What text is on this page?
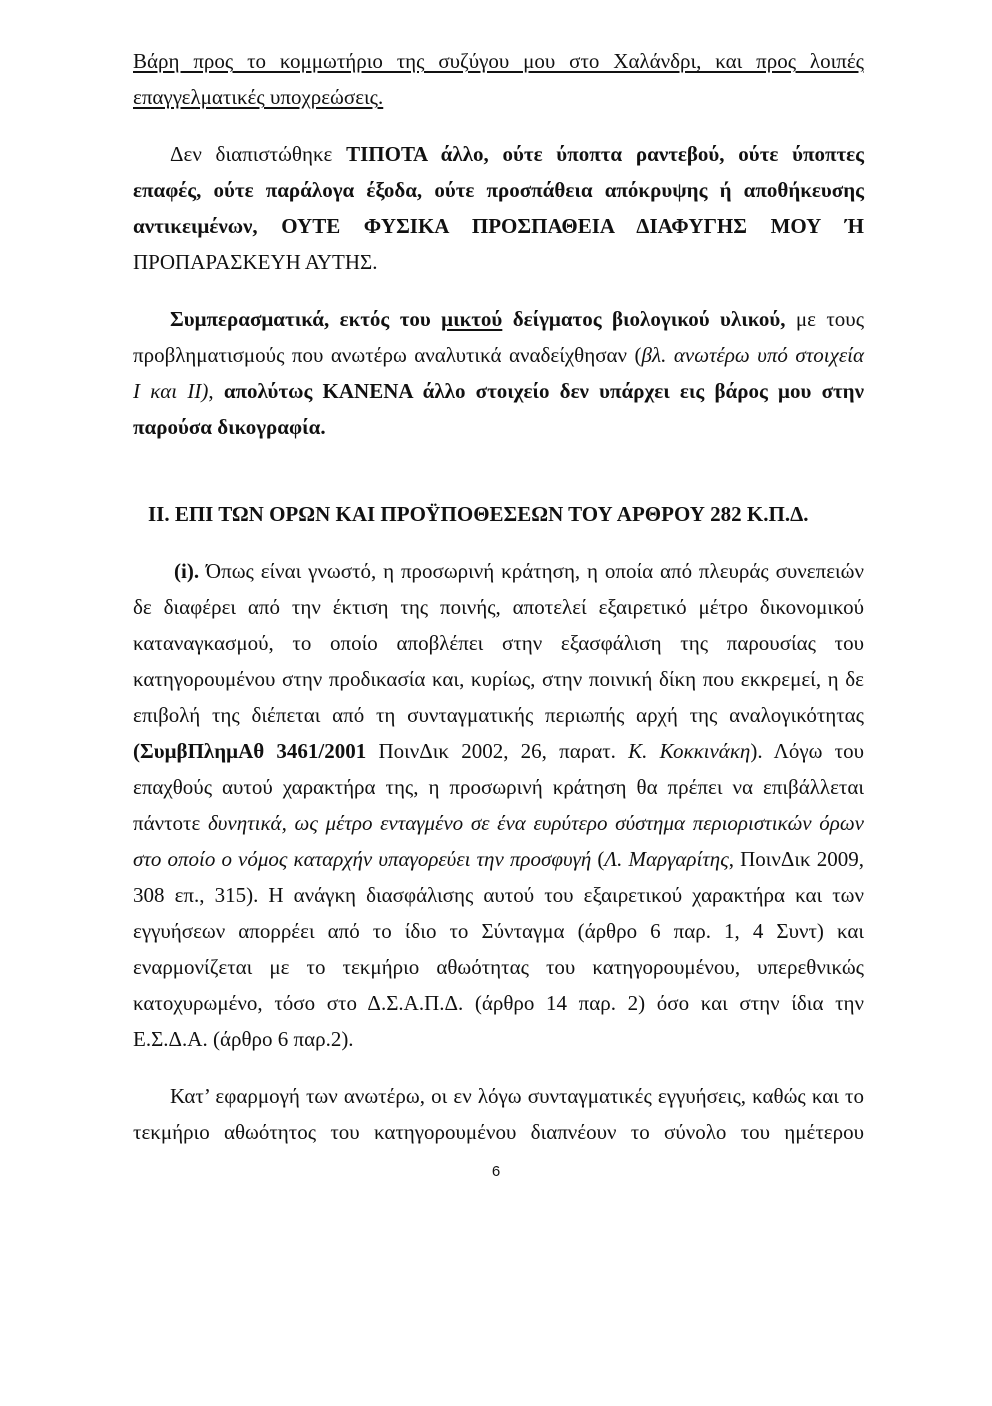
Βάρη προς το κομμωτήριο της συζύγου μου στο Χαλάνδρι, και προς λοιπές
επαγγελματικές υποχρεώσεις.
Δεν διαπιστώθηκε ΤΙΠΟΤΑ άλλο, ούτε ύποπτα ραντεβού, ούτε ύποπτες
επαφές, ούτε παράλογα έξοδα, ούτε προσπάθεια απόκρυψης ή αποθήκευσης
αντικειμένων, ΟΥΤΕ ΦΥΣΙΚΑ ΠΡΟΣΠΑΘΕΙΑ ΔΙΑΦΥΓΗΣ ΜΟΥ Ή
ΠΡΟΠΑΡΑΣΚΕΥΗ ΑΥΤΗΣ.
Συμπερασματικά, εκτός του μικτού δείγματος βιολογικού υλικού, με τους
προβληματισμούς που ανωτέρω αναλυτικά αναδείχθησαν (βλ. ανωτέρω υπό στοιχεία
Ι και ΙΙ), απολύτως ΚΑΝΕΝΑ άλλο στοιχείο δεν υπάρχει εις βάρος μου στην
παρούσα δικογραφία.
ΙΙ. ΕΠΙ ΤΩΝ ΟΡΩΝ ΚΑΙ ΠΡΟΫΠΟΘΕΣΕΩΝ ΤΟΥ ΑΡΘΡΟΥ 282 Κ.Π.Δ.
(i). Όπως είναι γνωστό, η προσωρινή κράτηση, η οποία από πλευράς συνεπειών
δε διαφέρει από την έκτιση της ποινής, αποτελεί εξαιρετικό μέτρο δικονομικού
καταναγκασμού, το οποίο αποβλέπει στην εξασφάλιση της παρουσίας του
κατηγορουμένου στην προδικασία και, κυρίως, στην ποινική δίκη που εκκρεμεί, η δε
επιβολή της διέπεται από τη συνταγματικής περιωπής αρχή της αναλογικότητας
(ΣυμβΠλημΑθ 3461/2001 ΠοινΔικ 2002, 26, παρατ. Κ. Κοκκινάκη). Λόγω του
επαχθούς αυτού χαρακτήρα της, η προσωρινή κράτηση θα πρέπει να επιβάλλεται
πάντοτε δυνητικά, ως μέτρο ενταγμένο σε ένα ευρύτερο σύστημα περιοριστικών όρων
στο οποίο ο νόμος καταρχήν υπαγορεύει την προσφυγή (Λ. Μαργαρίτης, ΠοινΔικ 2009,
308 επ., 315). Η ανάγκη διασφάλισης αυτού του εξαιρετικού χαρακτήρα και των
εγγυήσεων απορρέει από το ίδιο το Σύνταγμα (άρθρο 6 παρ. 1, 4 Συντ) και
εναρμονίζεται με το τεκμήριο αθωότητας του κατηγορουμένου, υπερεθνικώς
κατοχυρωμένο, τόσο στο Δ.Σ.Α.Π.Δ. (άρθρο 14 παρ. 2) όσο και στην ίδια την
Ε.Σ.Δ.Α. (άρθρο 6 παρ.2).
Κατ’ εφαρμογή των ανωτέρω, οι εν λόγω συνταγματικές εγγυήσεις, καθώς και το
τεκμήριο αθωότητος του κατηγορουμένου διαπνέουν το σύνολο του ημέτερου
6
